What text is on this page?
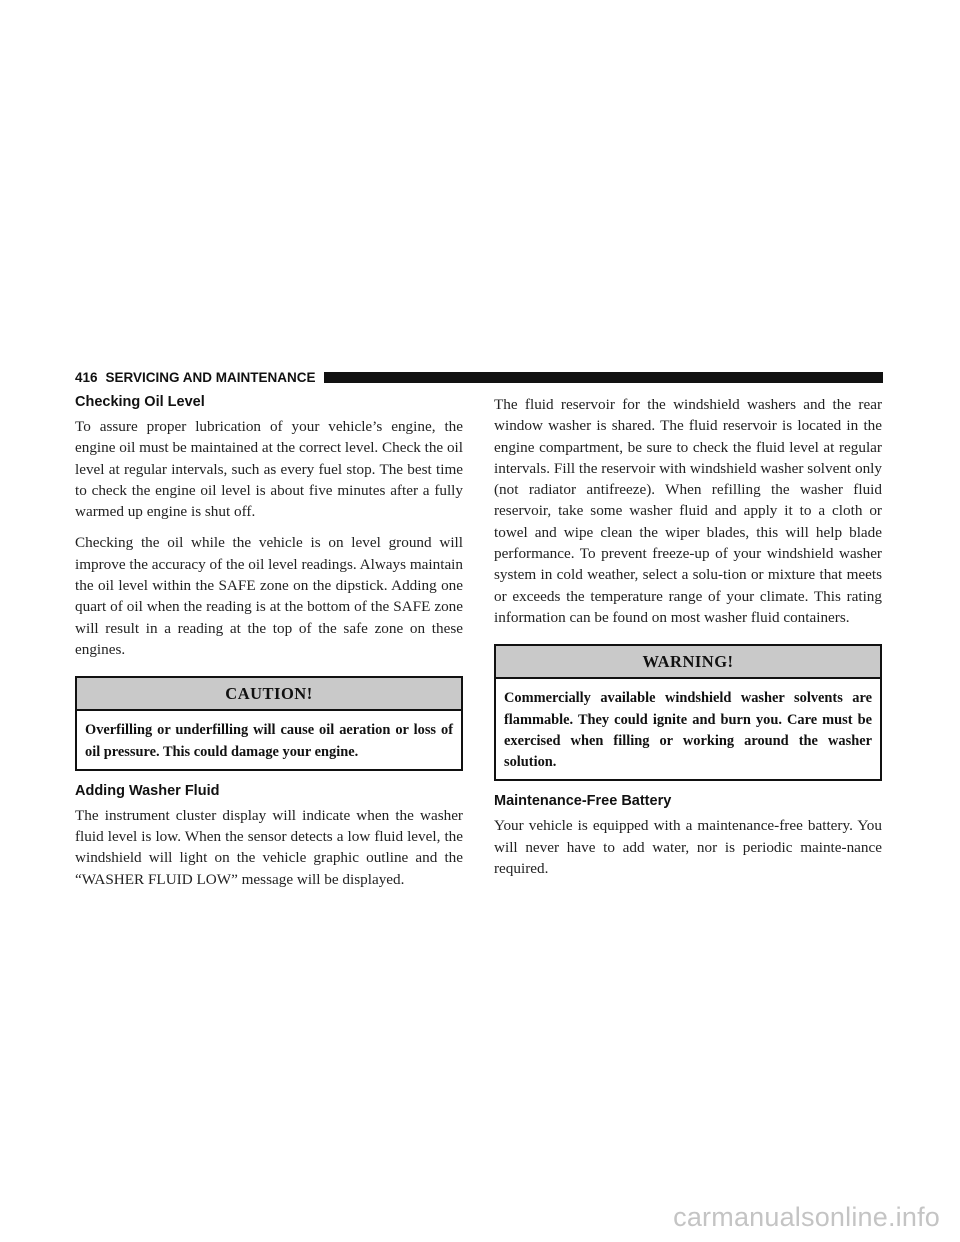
416 SERVICING AND MAINTENANCE
Checking Oil Level

To assure proper lubrication of your vehicle’s engine, the engine oil must be maintained at the correct level. Check the oil level at regular intervals, such as every fuel stop. The best time to check the engine oil level is about five minutes after a fully warmed up engine is shut off.

Checking the oil while the vehicle is on level ground will improve the accuracy of the oil level readings. Always maintain the oil level within the SAFE zone on the dipstick. Adding one quart of oil when the reading is at the bottom of the SAFE zone will result in a reading at the top of the safe zone on these engines.

CAUTION!
Overfilling or underfilling will cause oil aeration or loss of oil pressure. This could damage your engine.
Adding Washer Fluid

The instrument cluster display will indicate when the washer fluid level is low. When the sensor detects a low fluid level, the windshield will light on the vehicle graphic outline and the “WASHER FLUID LOW” message will be displayed.

The fluid reservoir for the windshield washers and the rear window washer is shared. The fluid reservoir is located in the engine compartment, be sure to check the fluid level at regular intervals. Fill the reservoir with windshield washer solvent only (not radiator antifreeze). When refilling the washer fluid reservoir, take some washer fluid and apply it to a cloth or towel and wipe clean the wiper blades, this will help blade performance. To prevent freeze-up of your windshield washer system in cold weather, select a solu-tion or mixture that meets or exceeds the temperature range of your climate. This rating information can be found on most washer fluid containers.

WARNING!
Commercially available windshield washer solvents are flammable. They could ignite and burn you. Care must be exercised when filling or working around the washer solution.
Maintenance-Free Battery

Your vehicle is equipped with a maintenance-free battery. You will never have to add water, nor is periodic mainte-nance required.

carmanualsonline.info
